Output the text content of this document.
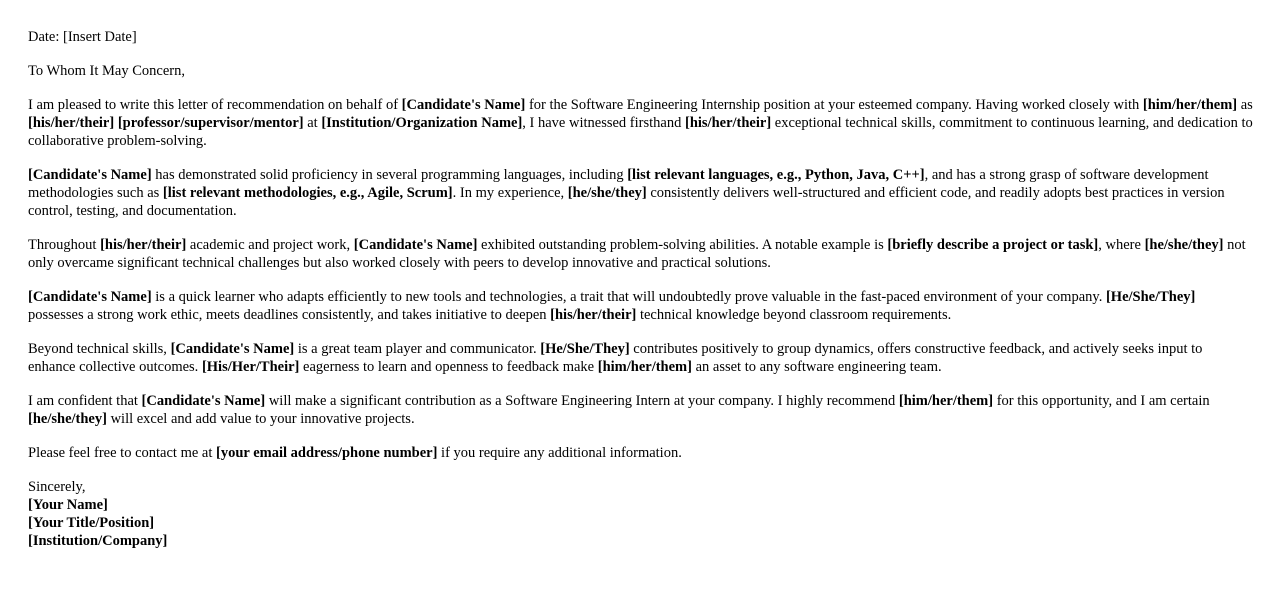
Date: [Insert Date]

To Whom It May Concern,

I am pleased to write this letter of recommendation on behalf of [Candidate's Name] for the Software Engineering Internship position at your esteemed company. Having worked closely with [him/her/them] as [his/her/their] [professor/supervisor/mentor] at [Institution/Organization Name], I have witnessed firsthand [his/her/their] exceptional technical skills, commitment to continuous learning, and dedication to collaborative problem-solving.

[Candidate's Name] has demonstrated solid proficiency in several programming languages, including [list relevant languages, e.g., Python, Java, C++], and has a strong grasp of software development methodologies such as [list relevant methodologies, e.g., Agile, Scrum]. In my experience, [he/she/they] consistently delivers well-structured and efficient code, and readily adopts best practices in version control, testing, and documentation.

Throughout [his/her/their] academic and project work, [Candidate's Name] exhibited outstanding problem-solving abilities. A notable example is [briefly describe a project or task], where [he/she/they] not only overcame significant technical challenges but also worked closely with peers to develop innovative and practical solutions.

[Candidate's Name] is a quick learner who adapts efficiently to new tools and technologies, a trait that will undoubtedly prove valuable in the fast-paced environment of your company. [He/She/They] possesses a strong work ethic, meets deadlines consistently, and takes initiative to deepen [his/her/their] technical knowledge beyond classroom requirements.

Beyond technical skills, [Candidate's Name] is a great team player and communicator. [He/She/They] contributes positively to group dynamics, offers constructive feedback, and actively seeks input to enhance collective outcomes. [His/Her/Their] eagerness to learn and openness to feedback make [him/her/them] an asset to any software engineering team.

I am confident that [Candidate's Name] will make a significant contribution as a Software Engineering Intern at your company. I highly recommend [him/her/them] for this opportunity, and I am certain [he/she/they] will excel and add value to your innovative projects.

Please feel free to contact me at [your email address/phone number] if you require any additional information.

Sincerely,

[Your Name]
[Your Title/Position]
[Institution/Company]
